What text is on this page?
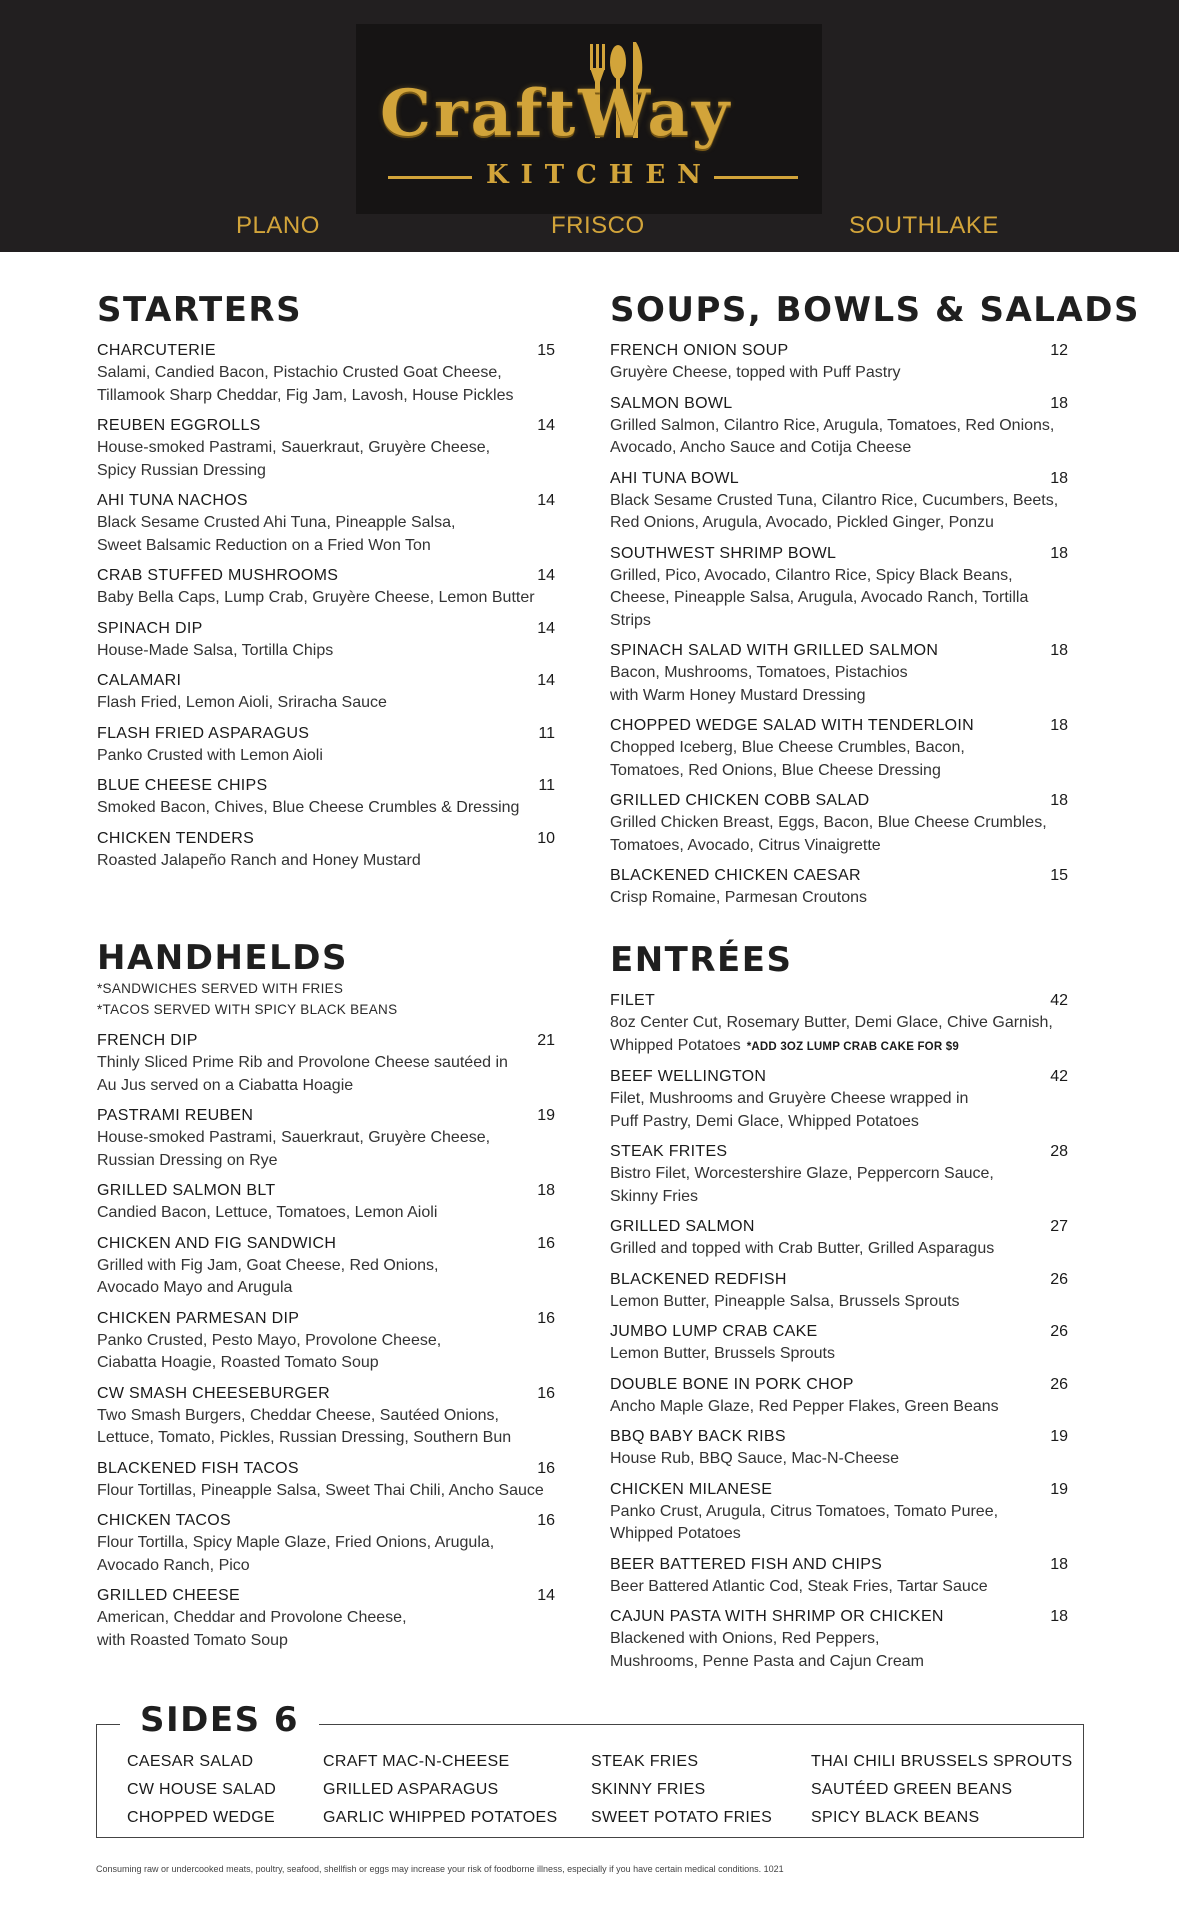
CraftWay
KITCHEN
PLANO	FRISCO	SOUTHLAKE
STARTERS
CHARCUTERIE	15
Salami, Candied Bacon, Pistachio Crusted Goat Cheese,
Tillamook Sharp Cheddar, Fig Jam, Lavosh, House Pickles
REUBEN EGGROLLS	14
House-smoked Pastrami, Sauerkraut, Gruyère Cheese,
Spicy Russian Dressing
AHI TUNA NACHOS	14
Black Sesame Crusted Ahi Tuna, Pineapple Salsa,
Sweet Balsamic Reduction on a Fried Won Ton
CRAB STUFFED MUSHROOMS	14
Baby Bella Caps, Lump Crab, Gruyère Cheese, Lemon Butter
SPINACH DIP	14
House-Made Salsa, Tortilla Chips
CALAMARI	14
Flash Fried, Lemon Aioli, Sriracha Sauce
FLASH FRIED ASPARAGUS	11
Panko Crusted with Lemon Aioli
BLUE CHEESE CHIPS	11
Smoked Bacon, Chives, Blue Cheese Crumbles & Dressing
CHICKEN TENDERS	10
Roasted Jalapeño Ranch and Honey Mustard
SOUPS, BOWLS & SALADS
FRENCH ONION SOUP	12
Gruyère Cheese, topped with Puff Pastry
SALMON BOWL	18
Grilled Salmon, Cilantro Rice, Arugula, Tomatoes, Red Onions,
Avocado, Ancho Sauce and Cotija Cheese
AHI TUNA BOWL	18
Black Sesame Crusted Tuna, Cilantro Rice, Cucumbers, Beets,
Red Onions, Arugula, Avocado, Pickled Ginger, Ponzu
SOUTHWEST SHRIMP BOWL	18
Grilled, Pico, Avocado, Cilantro Rice, Spicy Black Beans,
Cheese, Pineapple Salsa, Arugula, Avocado Ranch, Tortilla Strips
SPINACH SALAD WITH GRILLED SALMON	18
Bacon, Mushrooms, Tomatoes, Pistachios
with Warm Honey Mustard Dressing
CHOPPED WEDGE SALAD WITH TENDERLOIN	18
Chopped Iceberg, Blue Cheese Crumbles, Bacon,
Tomatoes, Red Onions, Blue Cheese Dressing
GRILLED CHICKEN COBB SALAD	18
Grilled Chicken Breast, Eggs, Bacon, Blue Cheese Crumbles,
Tomatoes, Avocado, Citrus Vinaigrette
BLACKENED CHICKEN CAESAR	15
Crisp Romaine, Parmesan Croutons
HANDHELDS
*SANDWICHES SERVED WITH FRIES
*TACOS SERVED WITH SPICY BLACK BEANS
FRENCH DIP	21
Thinly Sliced Prime Rib and Provolone Cheese sautéed in
Au Jus served on a Ciabatta Hoagie
PASTRAMI REUBEN	19
House-smoked Pastrami, Sauerkraut, Gruyère Cheese,
Russian Dressing on Rye
GRILLED SALMON BLT	18
Candied Bacon, Lettuce, Tomatoes, Lemon Aioli
CHICKEN AND FIG SANDWICH	16
Grilled with Fig Jam, Goat Cheese, Red Onions,
Avocado Mayo and Arugula
CHICKEN PARMESAN DIP	16
Panko Crusted, Pesto Mayo, Provolone Cheese,
Ciabatta Hoagie, Roasted Tomato Soup
CW SMASH CHEESEBURGER	16
Two Smash Burgers, Cheddar Cheese, Sautéed Onions,
Lettuce, Tomato, Pickles, Russian Dressing, Southern Bun
BLACKENED FISH TACOS	16
Flour Tortillas, Pineapple Salsa, Sweet Thai Chili, Ancho Sauce
CHICKEN TACOS	16
Flour Tortilla, Spicy Maple Glaze, Fried Onions, Arugula,
Avocado Ranch, Pico
GRILLED CHEESE	14
American, Cheddar and Provolone Cheese,
with Roasted Tomato Soup
ENTRÉES
FILET	42
8oz Center Cut, Rosemary Butter, Demi Glace, Chive Garnish,
Whipped Potatoes *ADD 3OZ LUMP CRAB CAKE FOR $9
BEEF WELLINGTON	42
Filet, Mushrooms and Gruyère Cheese wrapped in
Puff Pastry, Demi Glace, Whipped Potatoes
STEAK FRITES	28
Bistro Filet, Worcestershire Glaze, Peppercorn Sauce,
Skinny Fries
GRILLED SALMON	27
Grilled and topped with Crab Butter, Grilled Asparagus
BLACKENED REDFISH	26
Lemon Butter, Pineapple Salsa, Brussels Sprouts
JUMBO LUMP CRAB CAKE	26
Lemon Butter, Brussels Sprouts
DOUBLE BONE IN PORK CHOP	26
Ancho Maple Glaze, Red Pepper Flakes, Green Beans
BBQ BABY BACK RIBS	19
House Rub, BBQ Sauce, Mac-N-Cheese
CHICKEN MILANESE	19
Panko Crust, Arugula, Citrus Tomatoes, Tomato Puree,
Whipped Potatoes
BEER BATTERED FISH AND CHIPS	18
Beer Battered Atlantic Cod, Steak Fries, Tartar Sauce
CAJUN PASTA WITH SHRIMP OR CHICKEN	18
Blackened with Onions, Red Peppers,
Mushrooms, Penne Pasta and Cajun Cream
SIDES 6
CAESAR SALAD
CW HOUSE SALAD
CHOPPED WEDGE
CRAFT MAC-N-CHEESE
GRILLED ASPARAGUS
GARLIC WHIPPED POTATOES
STEAK FRIES
SKINNY FRIES
SWEET POTATO FRIES
THAI CHILI BRUSSELS SPROUTS
SAUTÉED GREEN BEANS
SPICY BLACK BEANS
Consuming raw or undercooked meats, poultry, seafood, shellfish or eggs may increase your risk of foodborne illness, especially if you have certain medical conditions. 1021
